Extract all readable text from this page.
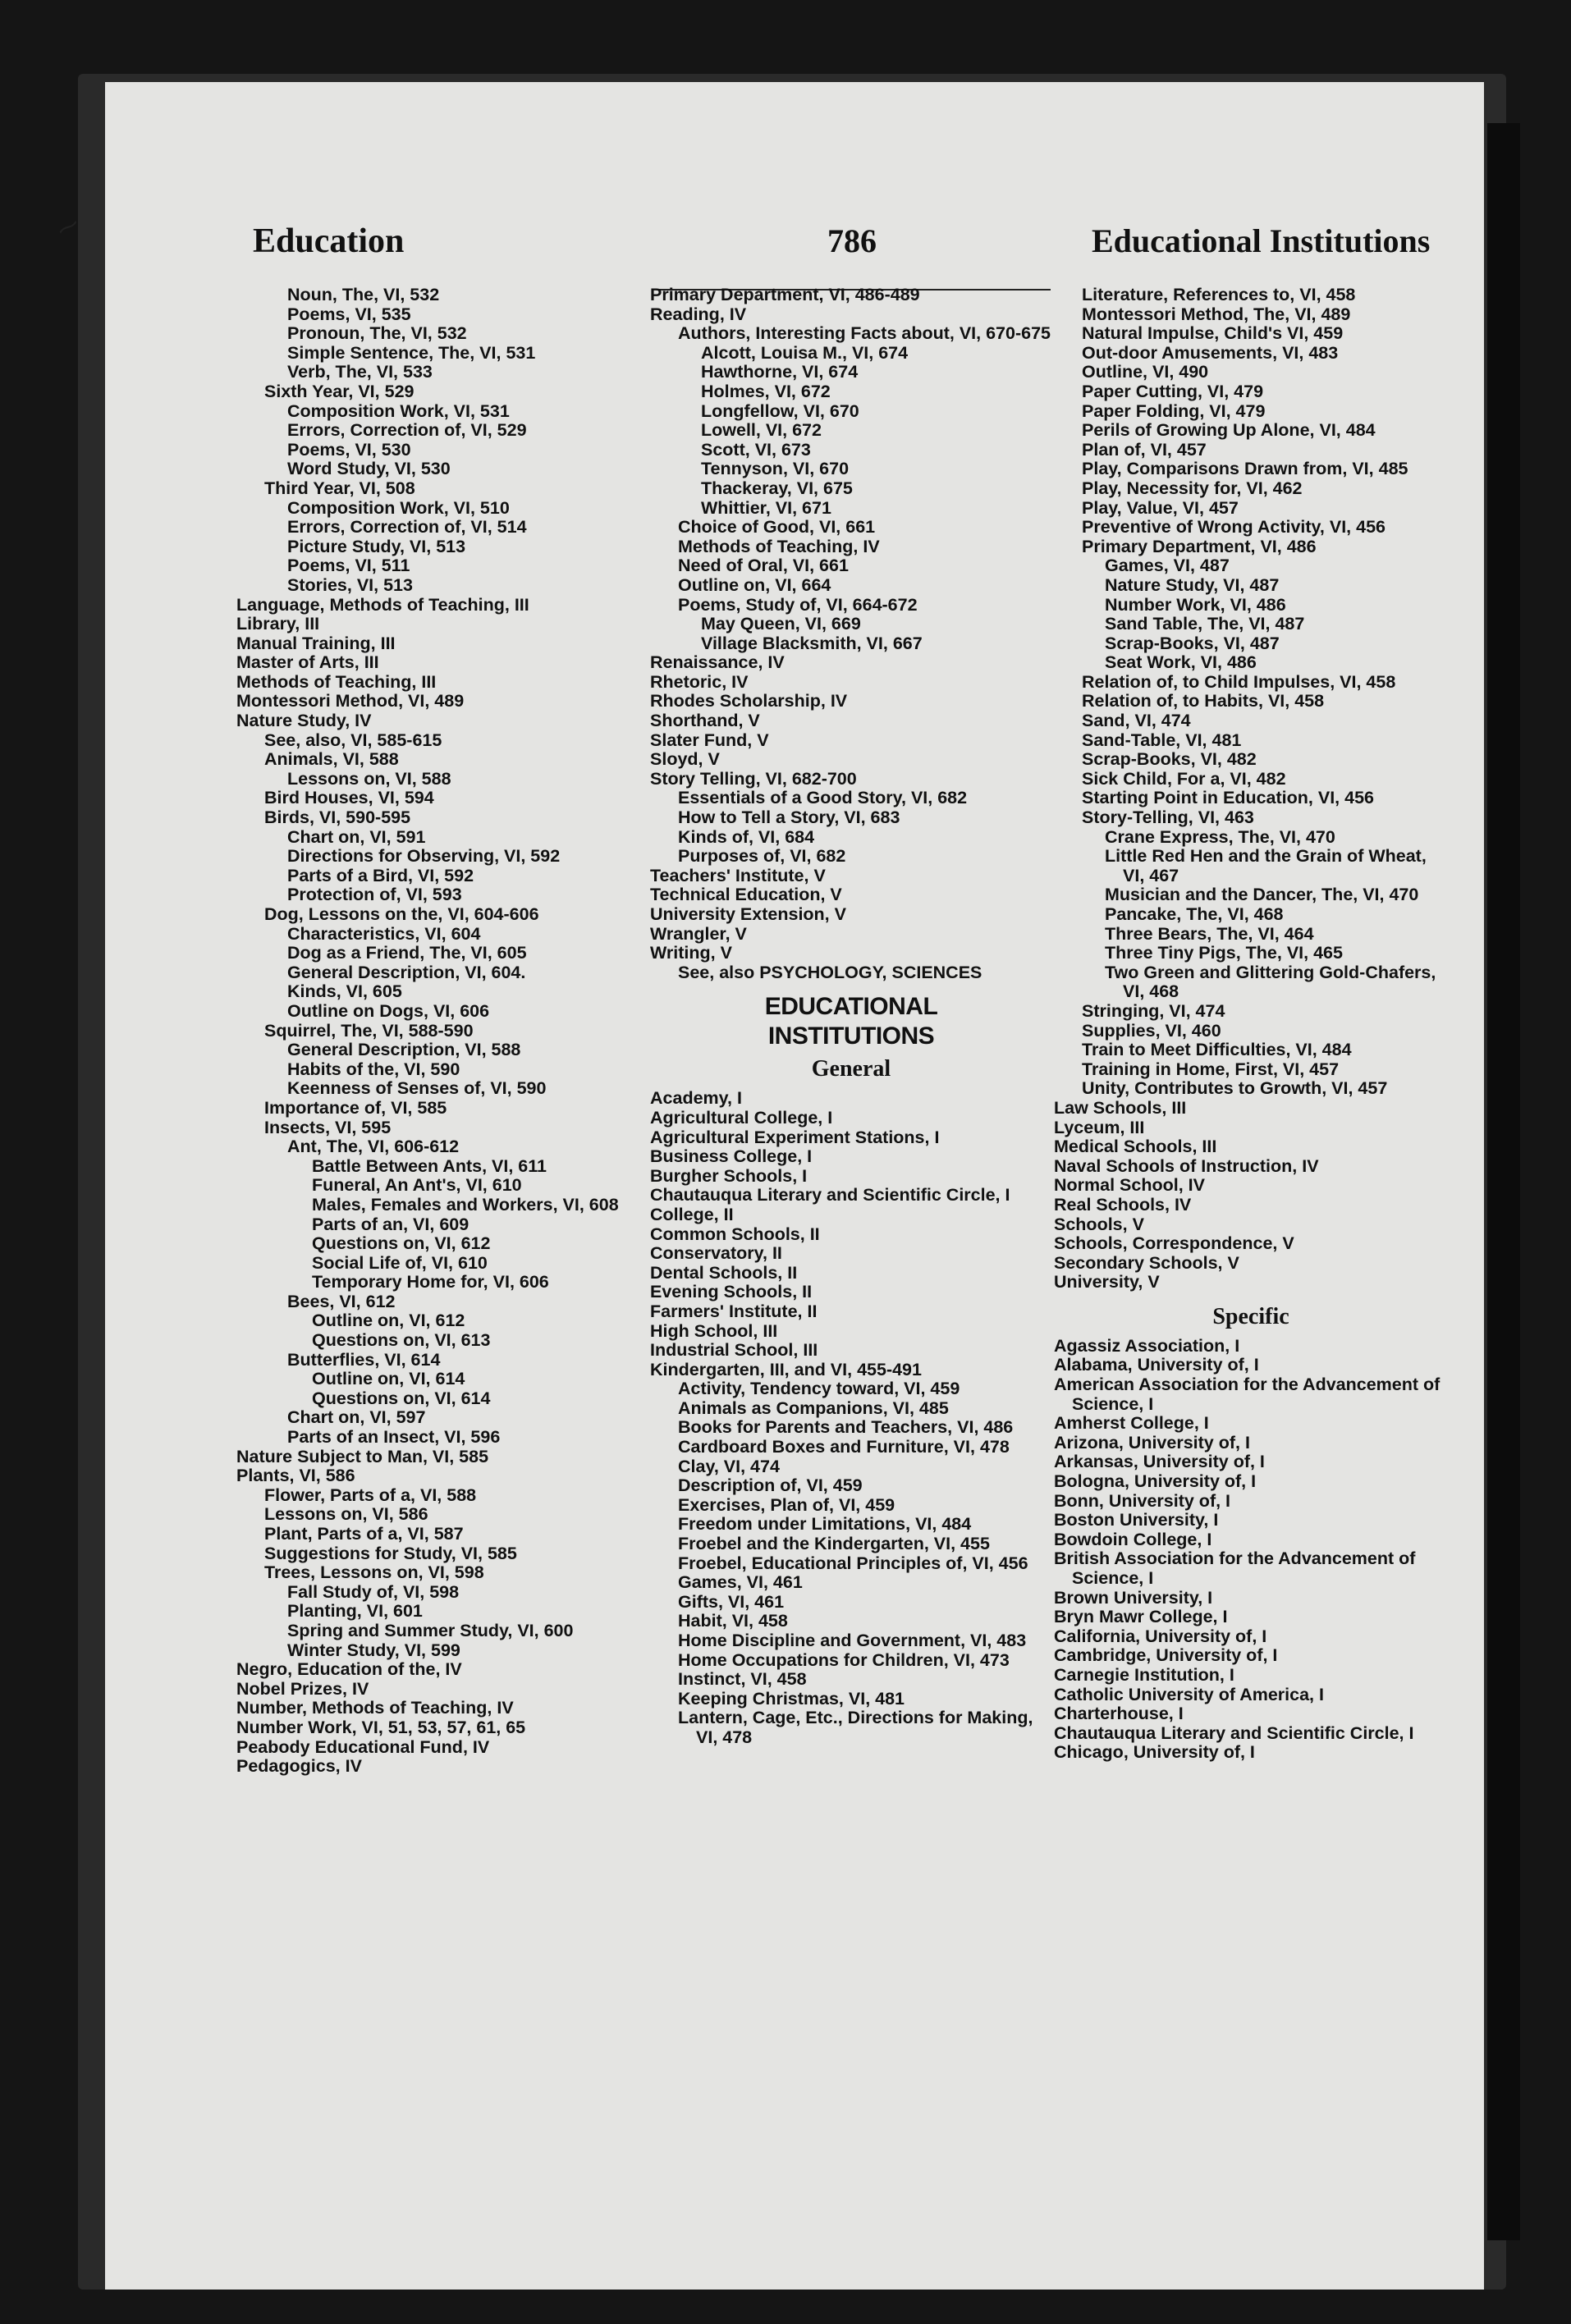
⁓	Education	786	Educational Institutions

Noun, The, VI, 532

Poems, VI, 535

Pronoun, The, VI, 532

Simple Sentence, The, VI, 531

Verb, The, VI, 533

Sixth Year, VI, 529

Composition Work, VI, 531

Errors, Correction of, VI, 529

Poems, VI, 530

Word Study, VI, 530

Third Year, VI, 508

Composition Work, VI, 510

Errors, Correction of, VI, 514

Picture Study, VI, 513

Poems, VI, 511

Stories, VI, 513

Language, Methods of Teaching, III

Library, III

Manual Training, III

Master of Arts, III

Methods of Teaching, III

Montessori Method, VI, 489

Nature Study, IV

See, also, VI, 585-615

Animals, VI, 588

Lessons on, VI, 588

Bird Houses, VI, 594

Birds, VI, 590-595

Chart on, VI, 591

Directions for Observing, VI, 592

Parts of a Bird, VI, 592

Protection of, VI, 593

Dog, Lessons on the, VI, 604-606

Characteristics, VI, 604

Dog as a Friend, The, VI, 605

General Description, VI, 604.

Kinds, VI, 605

Outline on Dogs, VI, 606

Squirrel, The, VI, 588-590

General Description, VI, 588

Habits of the, VI, 590

Keenness of Senses of, VI, 590

Importance of, VI, 585

Insects, VI, 595

Ant, The, VI, 606-612

Battle Between Ants, VI, 611

Funeral, An Ant's, VI, 610

Males, Females and Workers, VI, 608

Parts of an, VI, 609

Questions on, VI, 612

Social Life of, VI, 610

Temporary Home for, VI, 606

Bees, VI, 612

Outline on, VI, 612

Questions on, VI, 613

Butterflies, VI, 614

Outline on, VI, 614

Questions on, VI, 614

Chart on, VI, 597

Parts of an Insect, VI, 596

Nature Subject to Man, VI, 585

Plants, VI, 586

Flower, Parts of a, VI, 588

Lessons on, VI, 586

Plant, Parts of a, VI, 587

Suggestions for Study, VI, 585

Trees, Lessons on, VI, 598

Fall Study of, VI, 598

Planting, VI, 601

Spring and Summer Study, VI, 600

Winter Study, VI, 599

Negro, Education of the, IV

Nobel Prizes, IV

Number, Methods of Teaching, IV

Number Work, VI, 51, 53, 57, 61, 65

Peabody Educational Fund, IV

Pedagogics, IV

Primary Department, VI, 486-489

Reading, IV

Authors, Interesting Facts about, VI, 670-675

Alcott, Louisa M., VI, 674

Hawthorne, VI, 674

Holmes, VI, 672

Longfellow, VI, 670

Lowell, VI, 672

Scott, VI, 673

Tennyson, VI, 670

Thackeray, VI, 675

Whittier, VI, 671

Choice of Good, VI, 661

Methods of Teaching, IV

Need of Oral, VI, 661

Outline on, VI, 664

Poems, Study of, VI, 664-672

May Queen, VI, 669

Village Blacksmith, VI, 667

Renaissance, IV

Rhetoric, IV

Rhodes Scholarship, IV

Shorthand, V

Slater Fund, V

Sloyd, V

Story Telling, VI, 682-700

Essentials of a Good Story, VI, 682

How to Tell a Story, VI, 683

Kinds of, VI, 684

Purposes of, VI, 682

Teachers' Institute, V

Technical Education, V

University Extension, V

Wrangler, V

Writing, V

See, also PSYCHOLOGY, SCIENCES

EDUCATIONAL
INSTITUTIONS
General

Academy, I

Agricultural College, I

Agricultural Experiment Stations, I

Business College, I

Burgher Schools, I

Chautauqua Literary and Scientific Circle, I

College, II

Common Schools, II

Conservatory, II

Dental Schools, II

Evening Schools, II

Farmers' Institute, II

High School, III

Industrial School, III

Kindergarten, III, and VI, 455-491

Activity, Tendency toward, VI, 459

Animals as Companions, VI, 485

Books for Parents and Teachers, VI, 486

Cardboard Boxes and Furniture, VI, 478

Clay, VI, 474

Description of, VI, 459

Exercises, Plan of, VI, 459

Freedom under Limitations, VI, 484

Froebel and the Kindergarten, VI, 455

Froebel, Educational Principles of, VI, 456

Games, VI, 461

Gifts, VI, 461

Habit, VI, 458

Home Discipline and Government, VI, 483

Home Occupations for Children, VI, 473

Instinct, VI, 458

Keeping Christmas, VI, 481

Lantern, Cage, Etc., Directions for Making, VI, 478

Literature, References to, VI, 458

Montessori Method, The, VI, 489

Natural Impulse, Child's VI, 459

Out-door Amusements, VI, 483

Outline, VI, 490

Paper Cutting, VI, 479

Paper Folding, VI, 479

Perils of Growing Up Alone, VI, 484

Plan of, VI, 457

Play, Comparisons Drawn from, VI, 485

Play, Necessity for, VI, 462

Play, Value, VI, 457

Preventive of Wrong Activity, VI, 456

Primary Department, VI, 486

Games, VI, 487

Nature Study, VI, 487

Number Work, VI, 486

Sand Table, The, VI, 487

Scrap-Books, VI, 487

Seat Work, VI, 486

Relation of, to Child Impulses, VI, 458

Relation of, to Habits, VI, 458

Sand, VI, 474

Sand-Table, VI, 481

Scrap-Books, VI, 482

Sick Child, For a, VI, 482

Starting Point in Education, VI, 456

Story-Telling, VI, 463

Crane Express, The, VI, 470

Little Red Hen and the Grain of Wheat, VI, 467

Musician and the Dancer, The, VI, 470

Pancake, The, VI, 468

Three Bears, The, VI, 464

Three Tiny Pigs, The, VI, 465

Two Green and Glittering Gold-Chafers, VI, 468

Stringing, VI, 474

Supplies, VI, 460

Train to Meet Difficulties, VI, 484

Training in Home, First, VI, 457

Unity, Contributes to Growth, VI, 457

Law Schools, III

Lyceum, III

Medical Schools, III

Naval Schools of Instruction, IV

Normal School, IV

Real Schools, IV

Schools, V

Schools, Correspondence, V

Secondary Schools, V

University, V

Specific

Agassiz Association, I

Alabama, University of, I

American Association for the Advancement of Science, I

Amherst College, I

Arizona, University of, I

Arkansas, University of, I

Bologna, University of, I

Bonn, University of, I

Boston University, I

Bowdoin College, I

British Association for the Advancement of Science, I

Brown University, I

Bryn Mawr College, I

California, University of, I

Cambridge, University of, I

Carnegie Institution, I

Catholic University of America, I

Charterhouse, I

Chautauqua Literary and Scientific Circle, I

Chicago, University of, I
